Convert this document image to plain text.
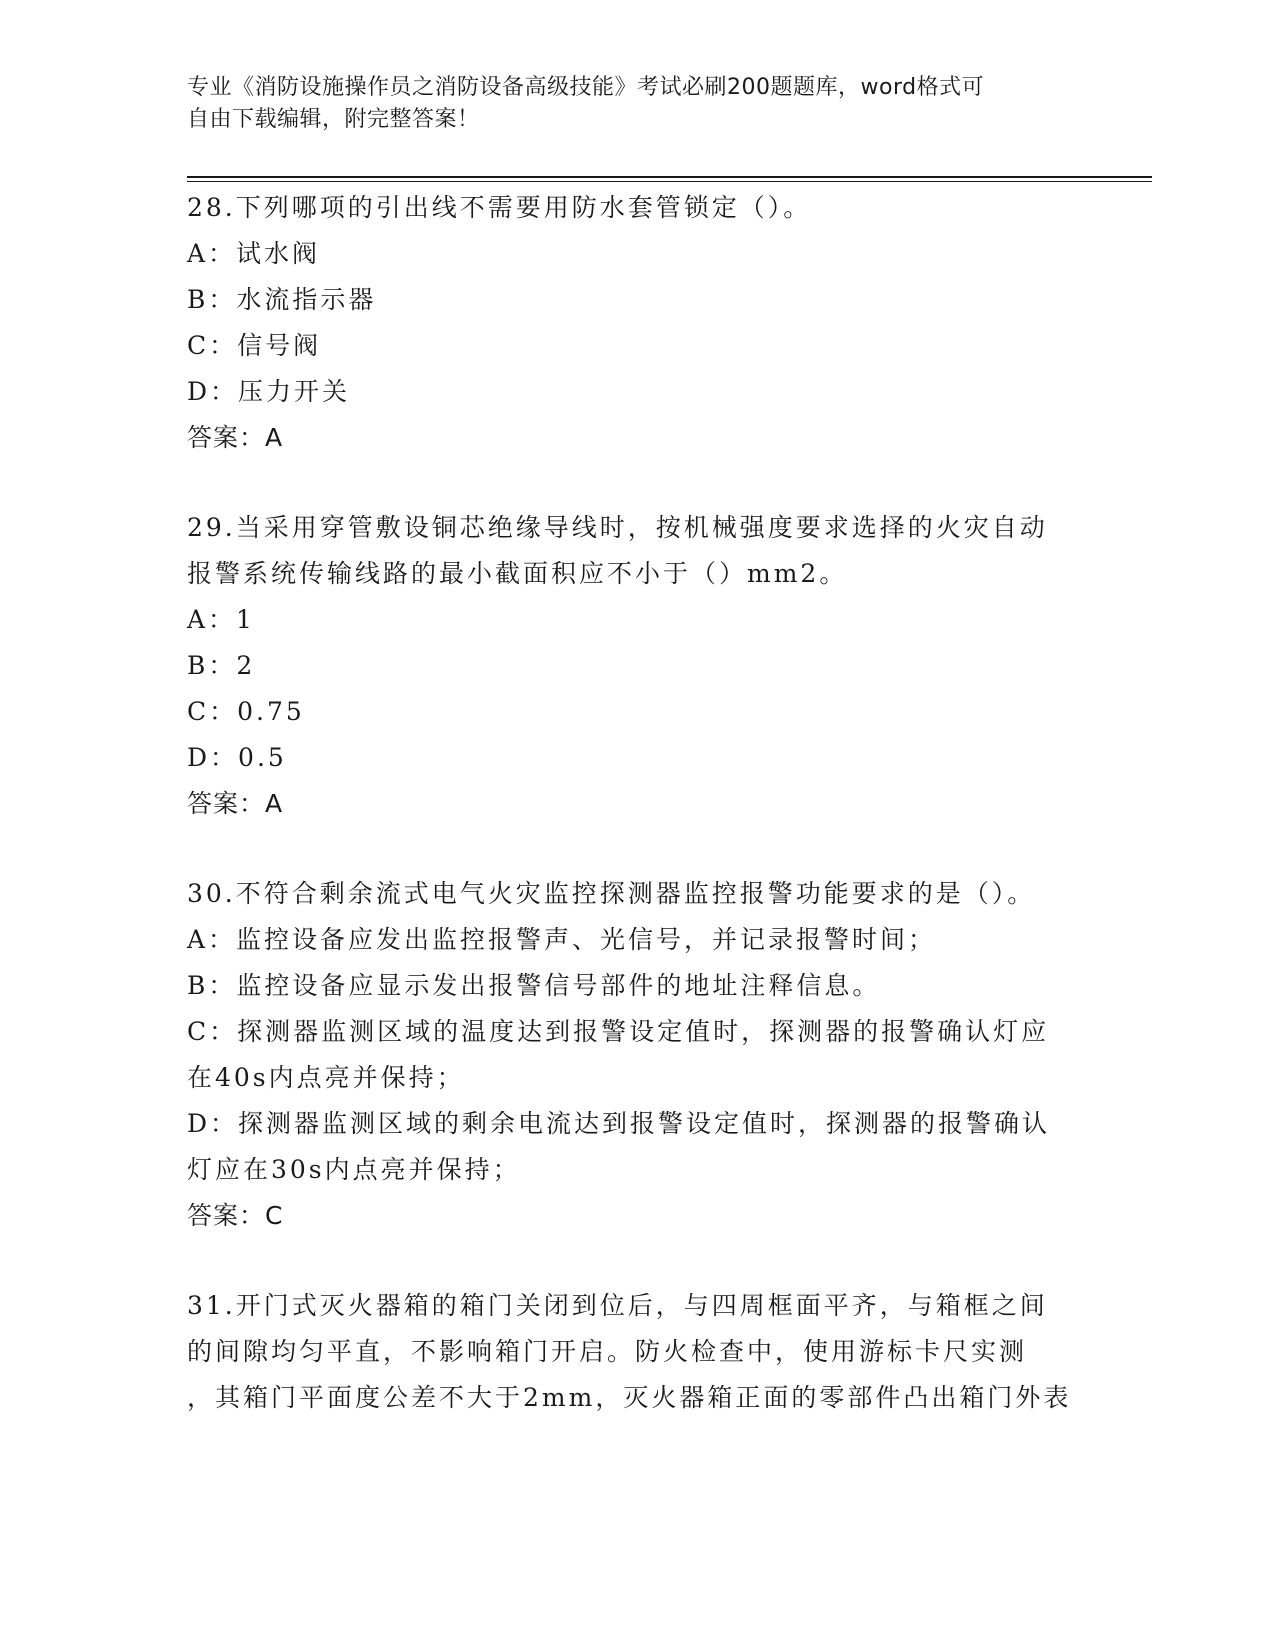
专业《消防设施操作员之消防设备高级技能》考试必刷200题题库，word格式可
自由下载编辑，附完整答案！
28.下列哪项的引出线不需要用防水套管锁定（）。
A：试水阀
B：水流指示器
C：信号阀
D：压力开关
答案：A
29.当采用穿管敷设铜芯绝缘导线时，按机械强度要求选择的火灾自动
报警系统传输线路的最小截面积应不小于（）mm2。
A：1
B：2
C：0.75
D：0.5
答案：A
30.不符合剩余流式电气火灾监控探测器监控报警功能要求的是（）。
A：监控设备应发出监控报警声、光信号，并记录报警时间；
B：监控设备应显示发出报警信号部件的地址注释信息。
C：探测器监测区域的温度达到报警设定值时，探测器的报警确认灯应
在40s内点亮并保持；
D：探测器监测区域的剩余电流达到报警设定值时，探测器的报警确认
灯应在30s内点亮并保持；
答案：C
31.开门式灭火器箱的箱门关闭到位后，与四周框面平齐，与箱框之间
的间隙均匀平直，不影响箱门开启。防火检查中，使用游标卡尺实测
，其箱门平面度公差不大于2mm，灭火器箱正面的零部件凸出箱门外表
